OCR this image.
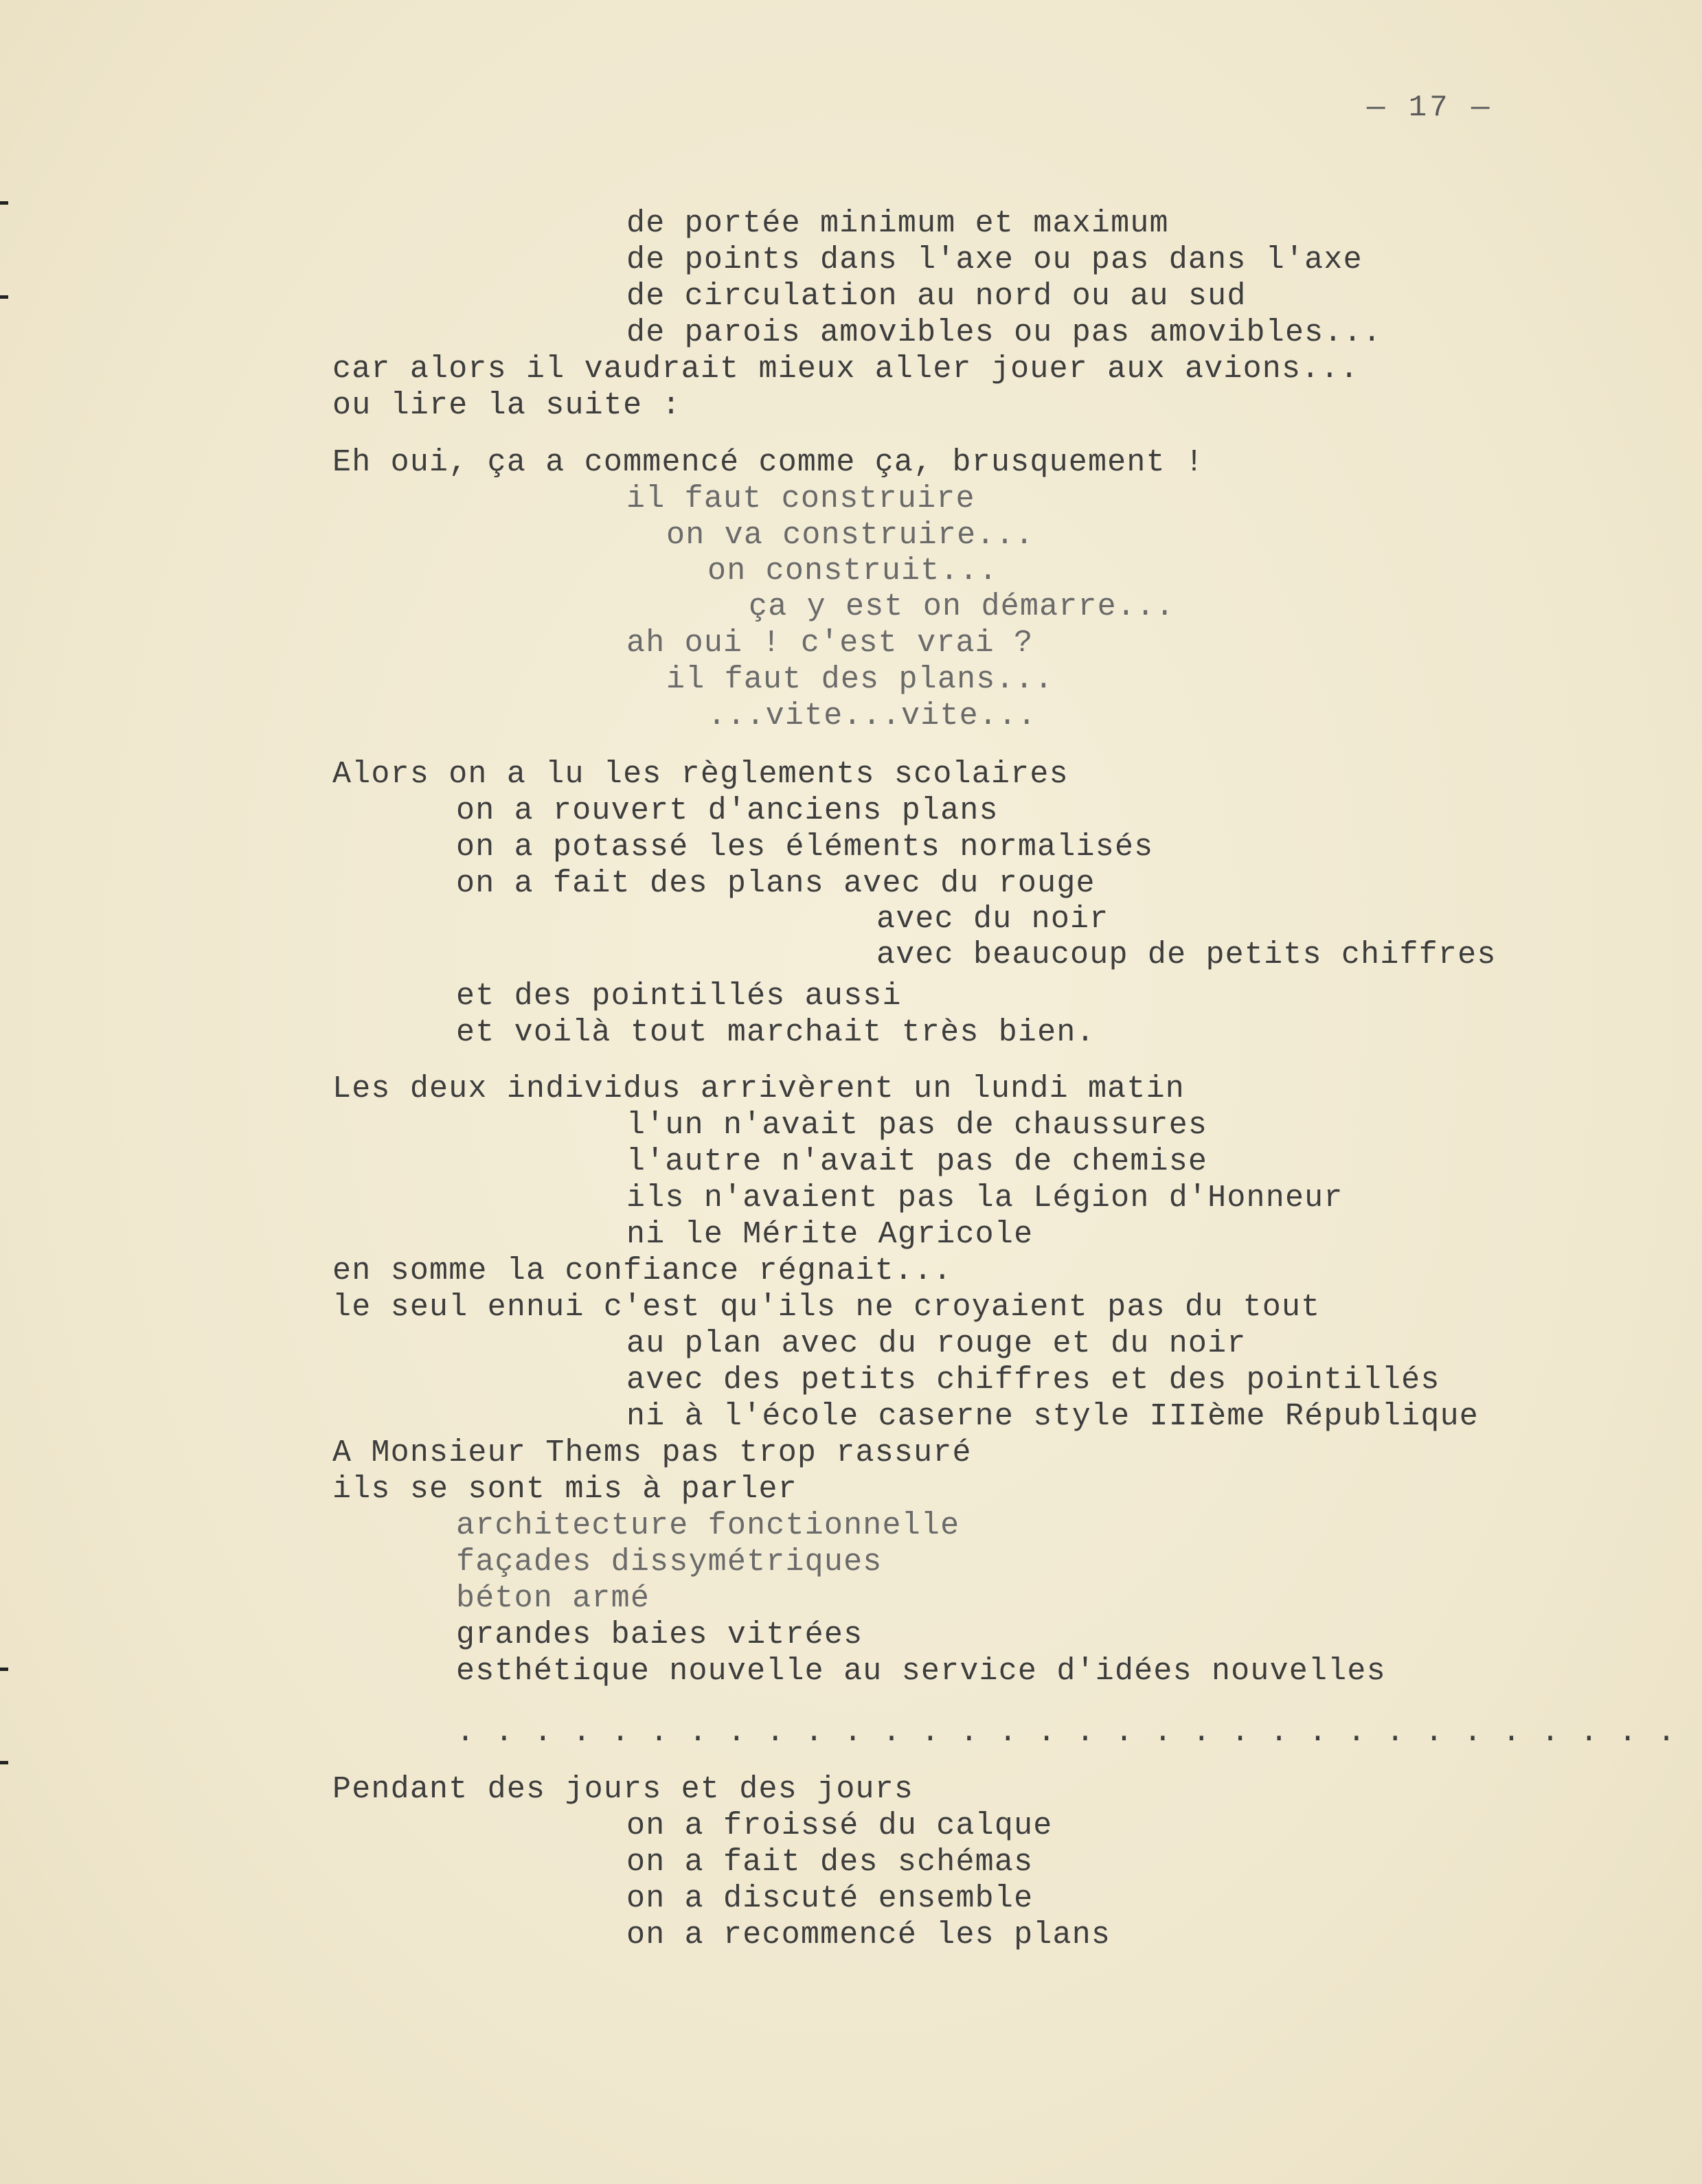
— 17 —
de portée minimum et maximum
de points dans l'axe ou pas dans l'axe
de circulation au nord ou au sud
de parois amovibles ou pas amovibles...
car alors il vaudrait mieux aller jouer aux avions...
ou lire la suite :
Eh oui, ça a commencé comme ça, brusquement !
il faut construire
on va construire...
on construit...
ça y est on démarre...
ah oui ! c'est vrai ?
il faut des plans...
...vite...vite...
Alors on a lu les règlements scolaires
on a rouvert d'anciens plans
on a potassé les éléments normalisés
on a fait des plans avec du rouge
avec du noir
avec beaucoup de petits chiffres
et des pointillés aussi
et voilà tout marchait très bien.
Les deux individus arrivèrent un lundi matin
l'un n'avait pas de chaussures
l'autre n'avait pas de chemise
ils n'avaient pas la Légion d'Honneur
ni le Mérite Agricole
en somme la confiance régnait...
le seul ennui c'est qu'ils ne croyaient pas du tout
au plan avec du rouge et du noir
avec des petits chiffres et des pointillés
ni à l'école caserne style IIIème République
A Monsieur Thems pas trop rassuré
ils se sont mis à parler
architecture fonctionnelle
façades dissymétriques
béton armé
grandes baies vitrées
esthétique nouvelle au service d'idées nouvelles
. . . . . . . . . . . . . . . . . . . . . . . . . . . . . . . .
Pendant des jours et des jours
on a froissé du calque
on a fait des schémas
on a discuté ensemble
on a recommencé les plans
